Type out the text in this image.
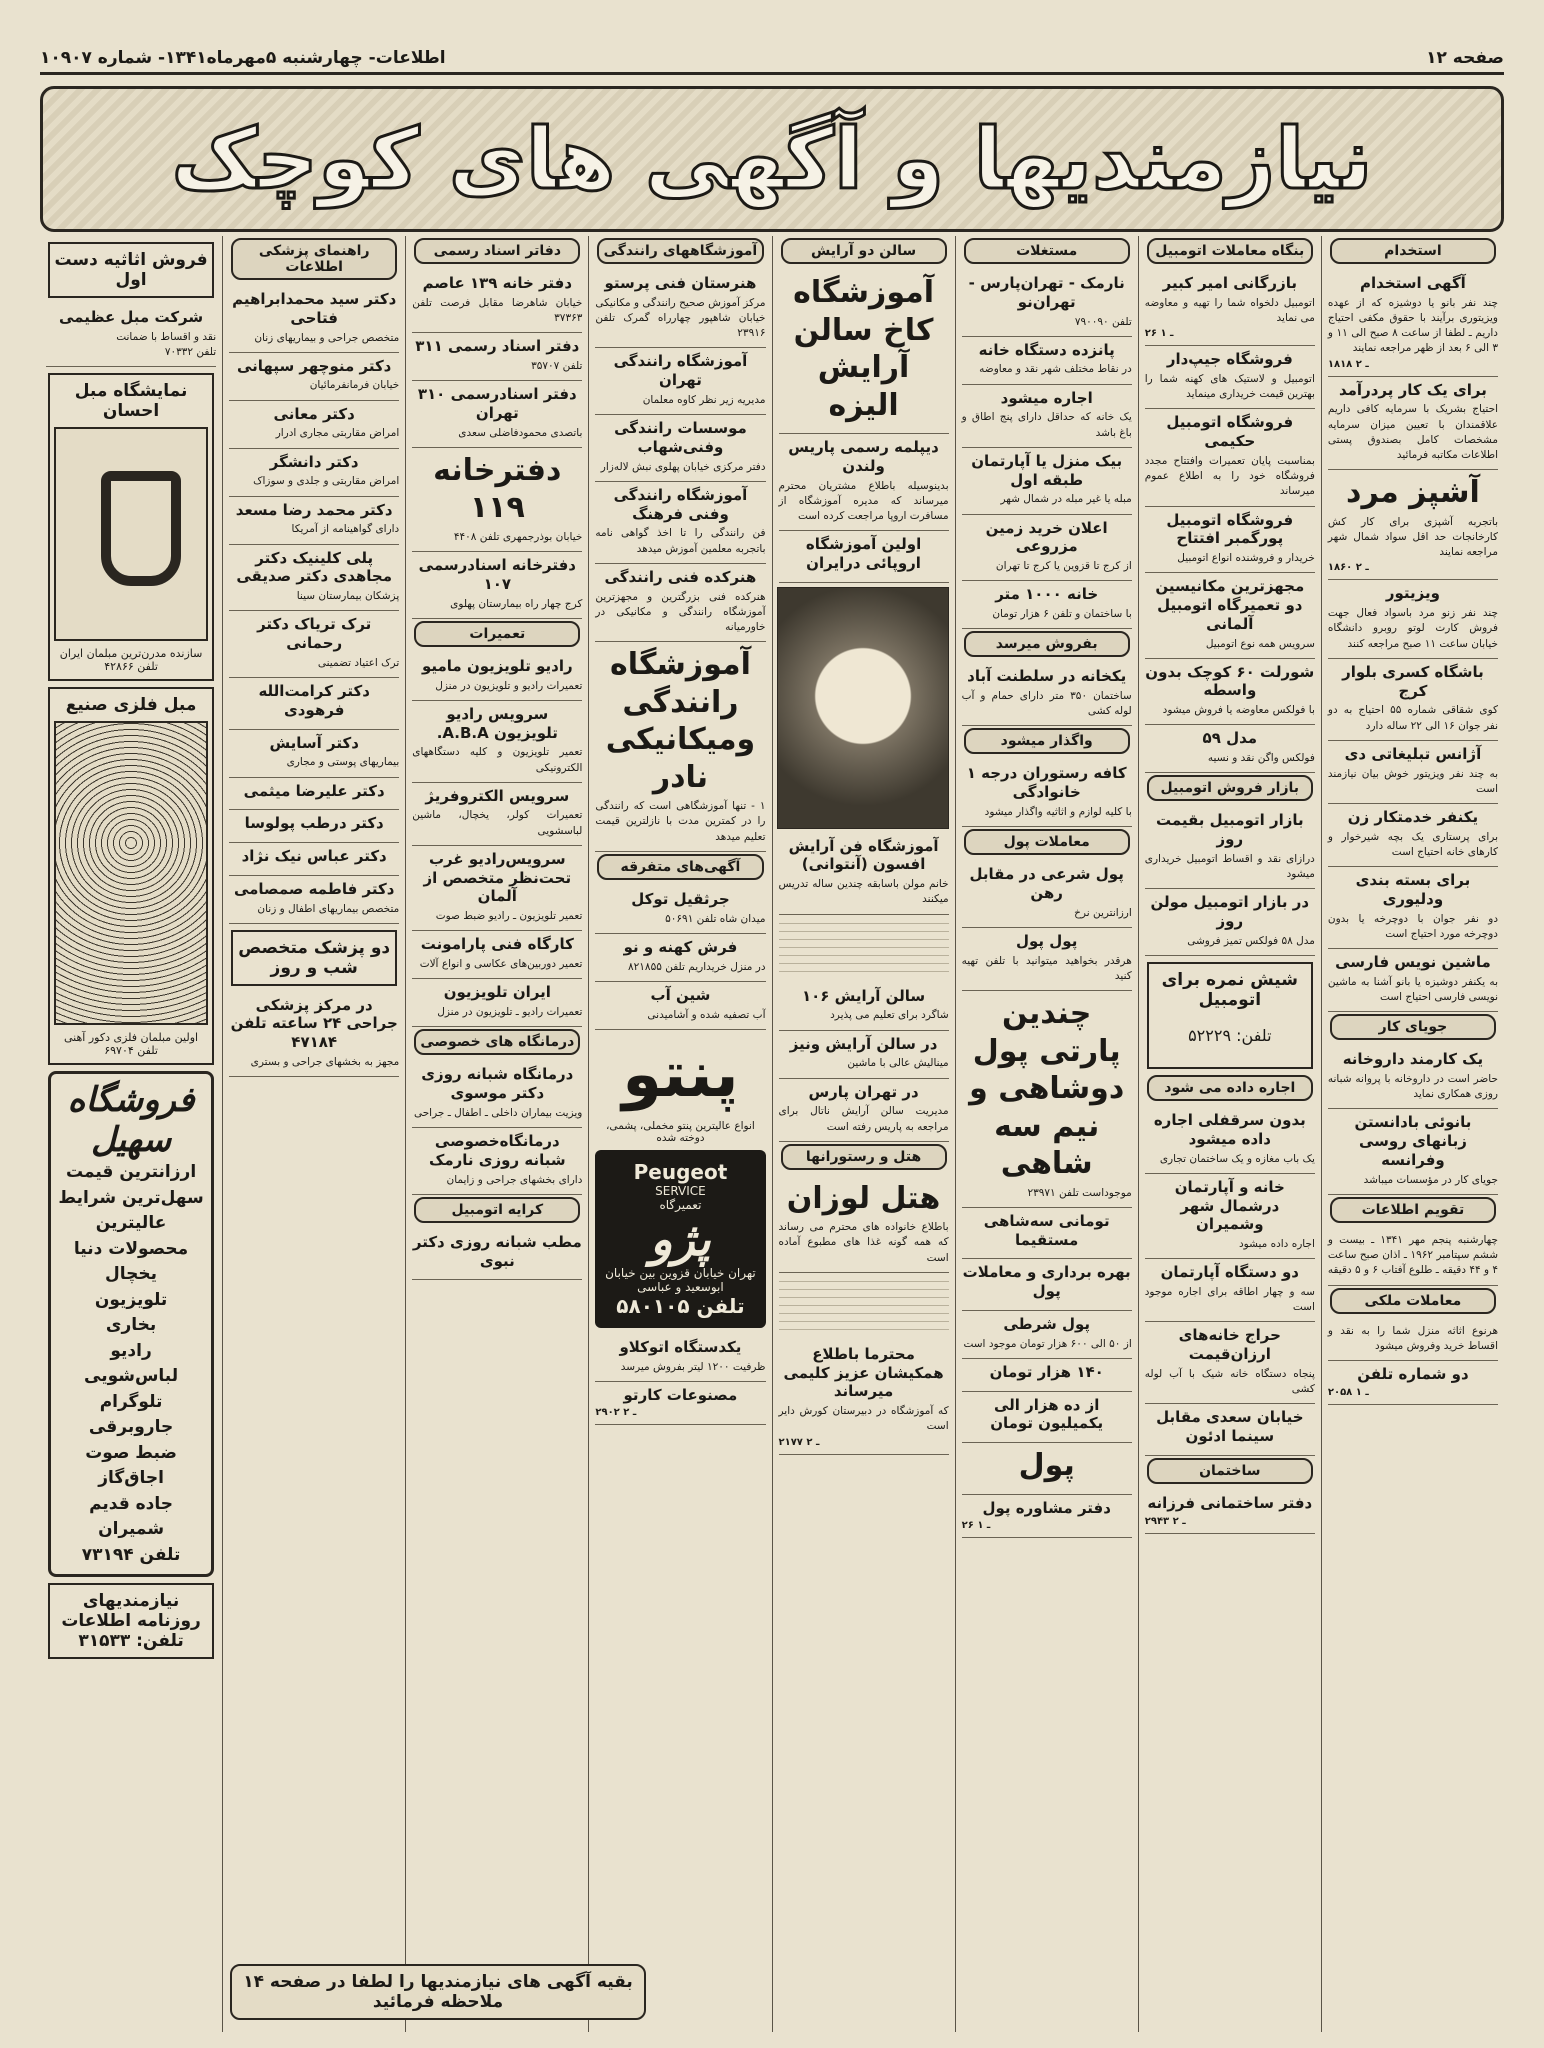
صفحه ۱۲
اطلاعات- چهارشنبه ۵مهرماه۱۳۴۱- شماره ۱۰۹۰۷
نیازمندیها و آگهی های کوچک
استخدام
آگهی استخدام

چند نفر بانو یا دوشیزه که از عهده ویزیتوری برآیند با حقوق مکفی احتیاج داریم ـ لطفا از ساعت ۸ صبح الی ۱۱ و ۳ الی ۶ بعد از ظهر مراجعه نمایند

۱۸۱۸ ـ ۲
برای یک کار پردرآمد

احتیاج بشریک با سرمایه کافی داریم علاقمندان با تعیین میزان سرمایه مشخصات کامل بصندوق پستی اطلاعات مکاتبه فرمائید

آشپز مرد

باتجربه آشپزی برای کار کش کارخانجات حد اقل سواد شمال شهر مراجعه نمایند

۱۸۶۰ ـ ۲
ویزیتور

چند نفر زنو مرد باسواد فعال جهت فروش کارت لوتو روبرو دانشگاه خیابان ساعت ۱۱ صبح مراجعه کنند

باشگاه کسری بلوار کرج

کوی شقاقی شماره ۵۵ احتیاج به دو نفر جوان ۱۶ الی ۲۲ ساله دارد

آژانس تبلیغاتی دی

به چند نفر ویزیتور خوش بیان نیازمند است

یکنفر خدمتکار زن

برای پرستاری یک بچه شیرخوار و کارهای خانه احتیاج است

برای بسته بندی ودلیوری

دو نفر جوان با دوچرخه یا بدون دوچرخه مورد احتیاج است

ماشین نویس فارسی

به یکنفر دوشیزه یا بانو آشنا به ماشین نویسی فارسی احتیاج است

جویای کار
یک کارمند داروخانه

حاضر است در داروخانه با پروانه شبانه روزی همکاری نماید

بانوئی بادانستن زبانهای روسی وفرانسه

جویای کار در مؤسسات میباشد

تقویم اطلاعات

چهارشنبه پنجم مهر ۱۳۴۱ ـ بیست و ششم سپتامبر ۱۹۶۲ ـ اذان صبح ساعت ۴ و ۴۴ دقیقه ـ طلوع آفتاب ۶ و ۵ دقیقه

معاملات ملکی

هرنوع اثاثه منزل شما را به نقد و اقساط خرید وفروش میشود

دو شماره تلفن
۲۰۵۸ ـ ۱
بنگاه معاملات اتومبیل
بازرگانی امیر کبیر

اتومبیل دلخواه شما را تهیه و معاوضه می نماید

۲۶ ـ ۱
فروشگاه جیپ‌دار

اتومبیل و لاستیک های کهنه شما را بهترین قیمت خریداری مینماید

فروشگاه اتومبیل حکیمی

بمناسبت پایان تعمیرات وافتتاح مجدد فروشگاه خود را به اطلاع عموم میرساند

فروشگاه اتومبیل پورگمبر افتتاح

خریدار و فروشنده انواع اتومبیل

مجهزترین مکانیسین دو تعمیرگاه اتومبیل آلمانی

سرویس همه نوع اتومبیل

شورلت ۶۰ کوچک بدون واسطه

با فولکس معاوضه یا فروش میشود

مدل ۵۹

فولکس واگن نقد و نسیه

بازار فروش اتومبیل
بازار اتومبیل بقیمت روز

درازای نقد و اقساط اتومبیل خریداری میشود

در بازار اتومبیل مولن روز

مدل ۵۸ فولکس تمیز فروشی

شیش نمره برای اتومبیل

تلفن: ۵۲۲۲۹

اجاره داده می شود
بدون سرقفلی اجاره داده میشود

یک باب مغازه و یک ساختمان تجاری

خانه و آپارتمان درشمال شهر وشمیران

اجاره داده میشود

دو دستگاه آپارتمان

سه و چهار اطاقه برای اجاره موجود است

حراج خانه‌های ارزان‌قیمت

پنجاه دستگاه خانه شیک با آب لوله کشی

خیابان سعدی مقابل سینما ادئون
ساختمان
دفتر ساختمانی فرزانه
۲۹۴۳ ـ ۲
مستغلات
نارمک - تهران‌پارس - تهران‌نو

تلفن ۷۹۰۰۹۰

پانزده دستگاه خانه

در نقاط مختلف شهر نقد و معاوضه

اجاره میشود

یک خانه که حداقل دارای پنج اطاق و باغ باشد

بیک منزل یا آپارتمان طبقه اول

مبله یا غیر مبله در شمال شهر

اعلان خرید زمین مزروعی

از کرج تا قزوین یا کرج تا تهران

خانه ۱۰۰۰ متر

با ساختمان و تلفن ۶ هزار تومان

بفروش میرسد
یکخانه در سلطنت آباد

ساختمان ۳۵۰ متر دارای حمام و آب لوله کشی

واگذار میشود
کافه رستوران درجه ۱ خانوادگی

با کلیه لوازم و اثاثیه واگذار میشود

معاملات پول
پول شرعی در مقابل رهن

ارزانترین نرخ

پول پول

هرقدر بخواهید میتوانید با تلفن تهیه کنید

چندین پارتی پول دوشاهی و نیم سه شاهی

موجوداست تلفن ۲۳۹۷۱

تومانی سه‌شاهی مستقیما
بهره برداری و معاملات پول
پول شرطی

از ۵۰ الی ۶۰۰ هزار تومان موجود است

۱۴۰ هزار تومان
از ده هزار الی یکمیلیون تومان
پول
دفتر مشاوره پول
۲۶ ـ ۱
سالن دو آرایش
آموزشگاه کاخ سالن آرایش الیزه
دیپلمه رسمی پاریس ولندن

بدینوسیله باطلاع مشتریان محترم میرساند که مدیره آموزشگاه از مسافرت اروپا مراجعت کرده است

اولین آموزشگاه اروپائی درایران
آموزشگاه فن آرایش افسون (آنتوانی)

خانم مولن باسابقه چندین ساله تدریس میکنند

سالن آرایش ۱۰۶

شاگرد برای تعلیم می پذیرد

در سالن آرایش ونیز

مینالیش عالی با ماشین

در تهران پارس

مدیریت سالن آرایش ناتال برای مراجعه به پاریس رفته است

هتل و رستورانها
هتل لوزان

باطلاع خانواده های محترم می رساند که همه گونه غذا های مطبوع آماده است

محترما باطلاع همکیشان عزیز کلیمی میرساند

که آموزشگاه در دبیرستان کورش دایر است

۲۱۷۷ ـ ۲
آموزشگاههای رانندگی
هنرستان فنی پرستو

مرکز آموزش صحیح رانندگی و مکانیکی خیابان شاهپور چهارراه گمرک تلفن ۲۳۹۱۶

آموزشگاه رانندگی تهران

مدیریه زیر نظر کاوه معلمان

موسسات رانندگی وفنی‌شهاب

دفتر مرکزی خیابان پهلوی نبش لاله‌زار

آموزشگاه رانندگی وفنی فرهنگ

فن رانندگی را تا اخذ گواهی نامه باتجربه معلمین آموزش میدهد

هنرکده فنی رانندگی

هنرکده فنی بزرگترین و مجهزترین آموزشگاه رانندگی و مکانیکی در خاورمیانه

آموزشگاه رانندگی ومیکانیکی نادر

۱ - تنها آموزشگاهی است که رانندگی را در کمترین مدت با نازلترین قیمت تعلیم میدهد

آگهی‌های متفرقه
جرثقیل توکل

میدان شاه تلفن ۵۰۶۹۱

فرش کهنه و نو

در منزل خریداریم تلفن ۸۲۱۸۵۵

شین آب

آب تصفیه شده و آشامیدنی

پنتو

انواع عالیترین پنتو مخملی، پشمی، دوخته شده

Peugeot
SERVICE
تعمیرگاه
پژو
تهران خیابان قزوین بین خیابان ابوسعید و عباسی
تلفن ۵۸۰۱۰۵
یکدستگاه اتوکلاو

ظرفیت ۱۲۰۰ لیتر بفروش میرسد

مصنوعات کارتو
۲۹۰۲ ـ ۲
دفاتر اسناد رسمی
دفتر خانه ۱۳۹ عاصم

خیابان شاهرضا مقابل فرصت تلفن ۳۷۳۶۳

دفتر اسناد رسمی ۳۱۱

تلفن ۳۵۷۰۷

دفتر اسنادرسمی ۳۱۰ تهران

باتصدی محمودفاضلی سعدی

دفترخانه ۱۱۹

خیابان بوذرجمهری تلفن ۴۴۰۸

دفترخانه اسنادرسمی ۱۰۷

کرج چهار راه بیمارستان پهلوی

تعمیرات
رادیو تلویزیون مامیو

تعمیرات رادیو و تلویزیون در منزل

سرویس رادیو تلویزیون A.B.A.

تعمیر تلویزیون و کلیه دستگاههای الکترونیکی

سرویس الکتروفریژ

تعمیرات کولر، یخچال، ماشین لباسشویی

سرویس‌رادیو غرب تحت‌نظر متخصص از آلمان

تعمیر تلویزیون ـ رادیو ضبط صوت

کارگاه فنی پارامونت

تعمیر دوربین‌های عکاسی و انواع آلات

ایران تلویزیون

تعمیرات رادیو ـ تلویزیون در منزل

درمانگاه های خصوصی
درمانگاه شبانه روزی دکتر موسوی

ویزیت بیماران داخلی ـ اطفال ـ جراحی

درمانگاه‌خصوصی شبانه روزی نارمک

دارای بخشهای جراحی و زایمان

کرایه اتومبیل
مطب شبانه روزی دکتر نبوی
راهنمای پزشکی اطلاعات
دکتر سید محمدابراهیم فتاحی

متخصص جراحی و بیماریهای زنان

دکتر منوچهر سپهانی

خیابان فرمانفرمائیان

دکتر معانی

امراض مقاربتی مجاری ادرار

دکتر دانشگر

امراض مقاربتی و جلدی و سوزاک

دکتر محمد رضا مسعد

دارای گواهینامه از آمریکا

پلی کلینیک دکتر مجاهدی دکتر صدیقی

پزشکان بیمارستان سینا

ترک تریاک دکتر رحمانی

ترک اعتیاد تضمینی

دکتر کرامت‌الله فرهودی
دکتر آسایش

بیماریهای پوستی و مجاری

دکتر علیرضا میثمی
دکتر درطب پولوسا
دکتر عباس نیک نژاد
دکتر فاطمه صمصامی

متخصص بیماریهای اطفال و زنان

دو پزشک متخصص شب و روز
در مرکز پزشکی جراحی ۲۴ ساعته تلفن ۴۷۱۸۴

مجهز به بخشهای جراحی و بستری

فروش اثاثیه دست اول
شرکت مبل عظیمی

نقد و اقساط با ضمانت

تلفن ۷۰۳۳۲

نمایشگاه مبل احسان

سازنده مدرن‌ترین مبلمان ایران

تلفن ۴۲۸۶۶

مبل فلزی صنیع

اولین مبلمان فلزی دکور آهنی

تلفن ۶۹۷۰۴

فروشگاه سهیل
ارزانترین قیمت
سهل‌ترین شرایط
عالیترین محصولات دنیا
یخچال
تلویزیون
بخاری
رادیو
لباس‌شویی
تلوگرام
جاروبرقی
ضبط صوت
اجاق‌گاز
جاده قدیم شمیران
تلفن ۷۳۱۹۴
نیازمندیهای روزنامه اطلاعات
تلفن: ۳۱۵۳۳
بقیه آگهی های نیازمندیها را لطفا در صفحه ۱۴ ملاحظه فرمائید
